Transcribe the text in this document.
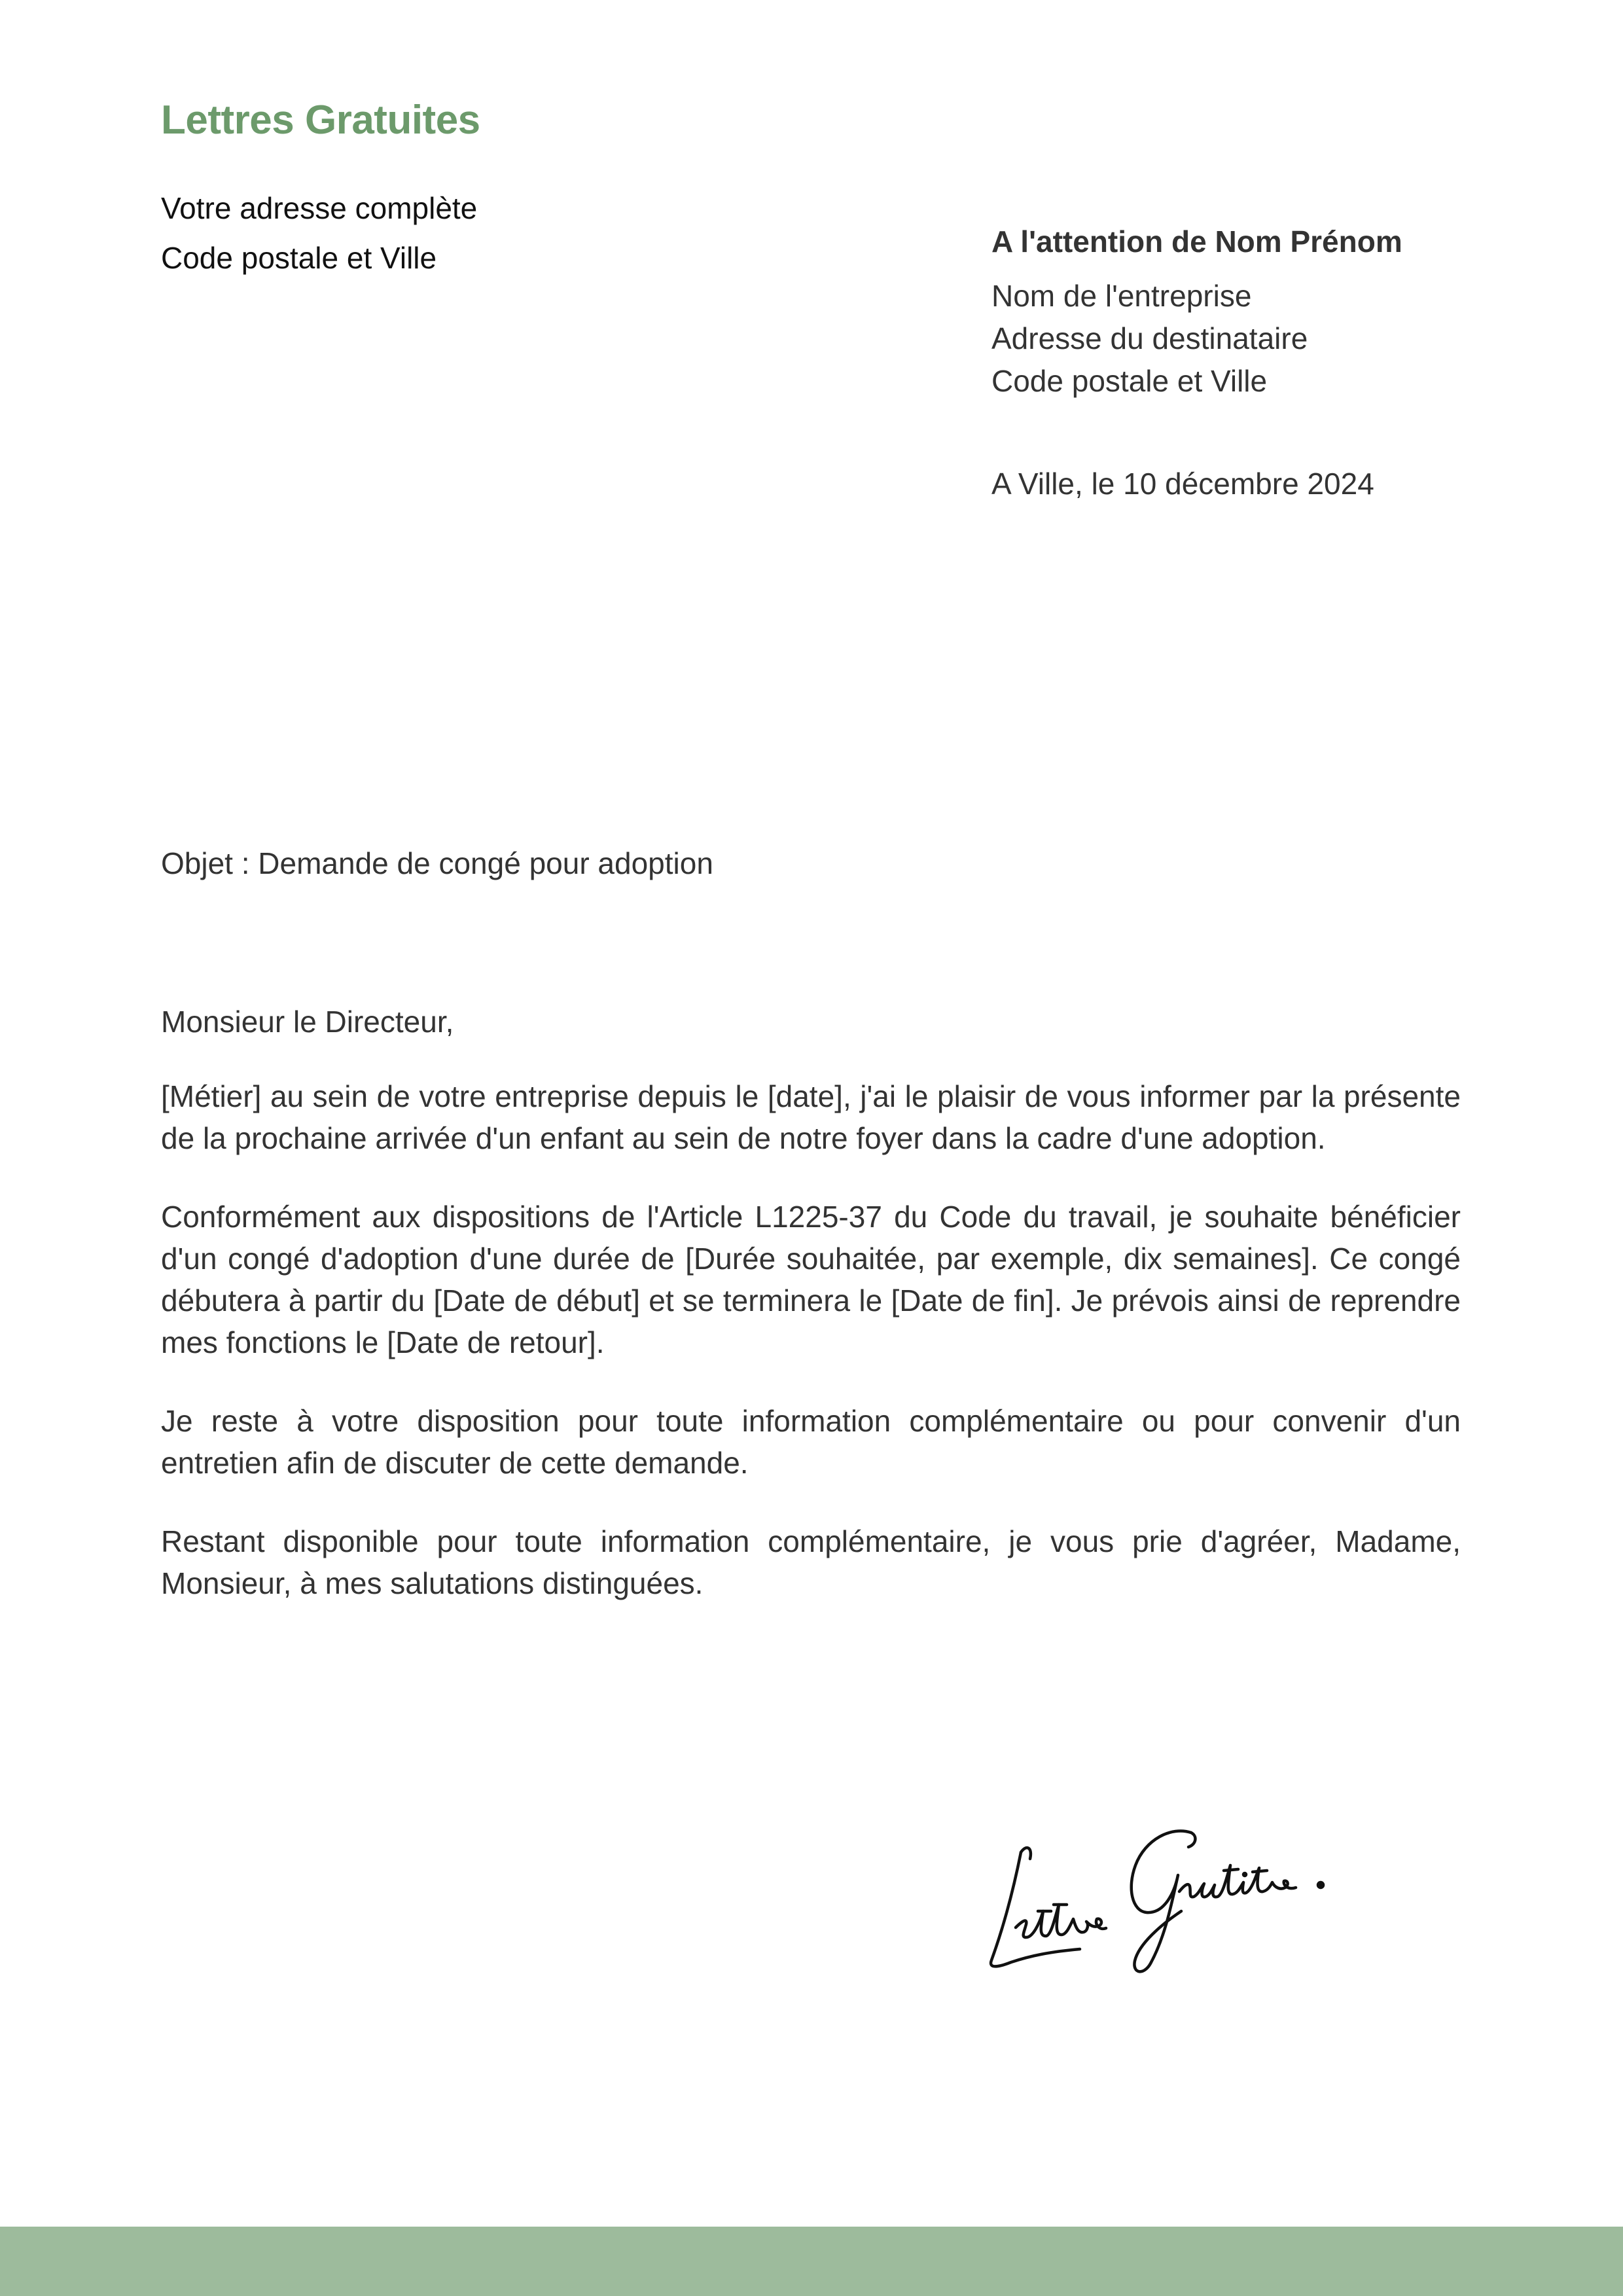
Lettres Gratuites
Votre adresse complète
Code postale et Ville	A l'attention de Nom Prénom
Nom de l'entreprise
Adresse du destinataire
Code postale et Ville
A Ville, le 10 décembre 2024
Objet : Demande de congé pour adoption

Monsieur le Directeur,

[Métier] au sein de votre entreprise depuis le [date], j'ai le plaisir de vous informer par la présente de la prochaine arrivée d'un enfant au sein de notre foyer dans la cadre d'une adoption.

Conformément aux dispositions de l'Article L1225-37 du Code du travail, je souhaite bénéficier d'un congé d'adoption d'une durée de [Durée souhaitée, par exemple, dix semaines]. Ce congé débutera à partir du [Date de début] et se terminera le [Date de fin]. Je prévois ainsi de reprendre mes fonctions le [Date de retour].

Je reste à votre disposition pour toute information complémentaire ou pour convenir d'un entretien afin de discuter de cette demande.

Restant disponible pour toute information complémentaire, je vous prie d'agréer, Madame, Monsieur, à mes salutations distinguées.
